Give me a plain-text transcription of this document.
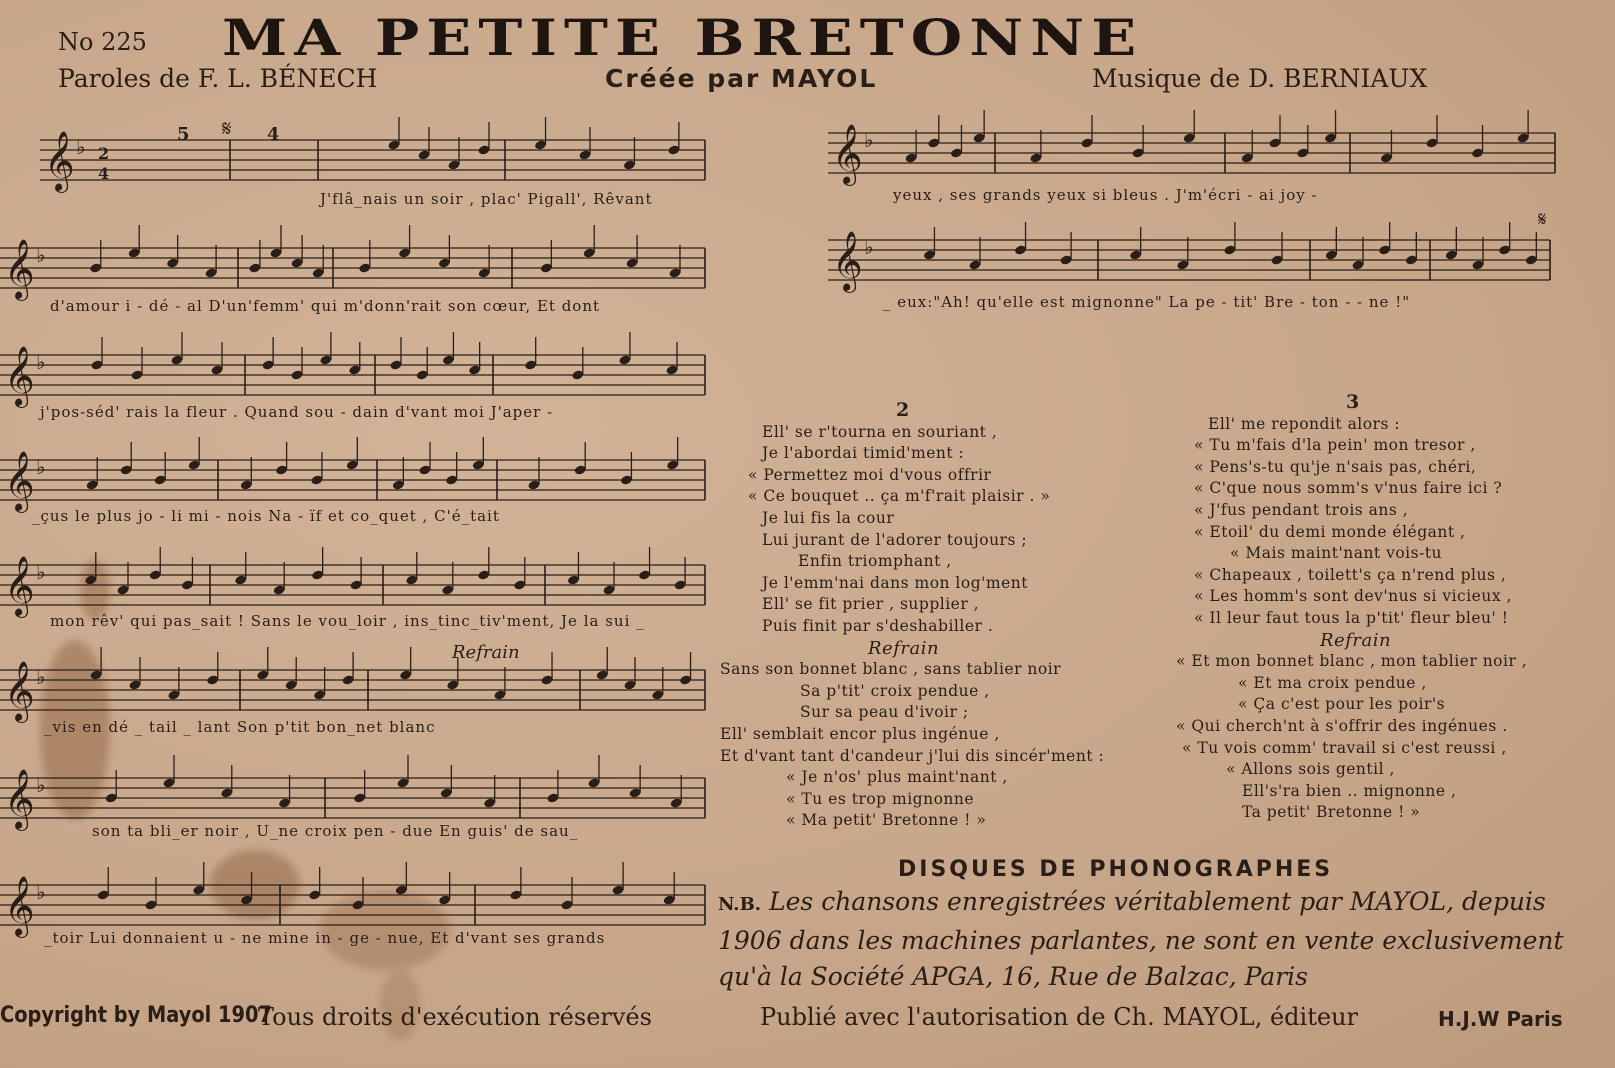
No 225 MA PETITE BRETONNE
Paroles de F. L. BÉNECH	Créée par MAYOL	Musique de D. BERNIAUX
𝄞 ♭
𝄞 ♭
𝄞 ♭
𝄞 ♭
𝄞 ♭
𝄞 ♭
𝄞 ♭
𝄞 ♭
𝄞 ♭
𝄞 ♭
𝄋
𝄋
2
4
5	4
J'flâ_nais un soir , plac' Pigall', Rêvant
d'amour i - dé - al D'un'femm' qui m'donn'rait son cœur, Et dont
j'pos-séd' rais la fleur . Quand sou - dain d'vant moi J'aper -
_çus le plus jo - li mi - nois Na - ïf et co_quet , C'é_tait
mon rêv' qui pas_sait ! Sans le vou_loir , ins_tinc_tiv'ment, Je la sui _
Refrain
_vis en dé _ tail _ lant Son p'tit bon_net blanc
son ta bli_er noir , U_ne croix pen - due En guis' de sau_
_toir Lui donnaient u - ne mine in - ge - nue, Et d'vant ses grands
yeux , ses grands yeux si bleus . J'm'écri - ai joy -
_ eux:"Ah! qu'elle est mignonne" La pe - tit' Bre - ton - - ne !"
2
Ell' se r'tourna en souriant ,
Je l'abordai timid'ment :
« Permettez moi d'vous offrir
« Ce bouquet .. ça m'f'rait plaisir . »
Je lui fis la cour
Lui jurant de l'adorer toujours ;
Enfin triomphant ,
Je l'emm'nai dans mon log'ment
Ell' se fit prier , supplier ,
Puis finit par s'deshabiller .
Refrain
Sans son bonnet blanc , sans tablier noir
Sa p'tit' croix pendue ,
Sur sa peau d'ivoir ;
Ell' semblait encor plus ingénue ,
Et d'vant tant d'candeur j'lui dis sincér'ment :
« Je n'os' plus maint'nant ,
« Tu es trop mignonne
« Ma petit' Bretonne ! »
3
Ell' me repondit alors :
« Tu m'fais d'la pein' mon tresor ,
« Pens's-tu qu'je n'sais pas, chéri,
« C'que nous somm's v'nus faire ici ?
« J'fus pendant trois ans ,
« Etoil' du demi monde élégant ,
« Mais maint'nant vois-tu
« Chapeaux , toilett's ça n'rend plus ,
« Les homm's sont dev'nus si vicieux ,
« Il leur faut tous la p'tit' fleur bleu' !
Refrain
« Et mon bonnet blanc , mon tablier noir ,
« Et ma croix pendue ,
« Ça c'est pour les poir's
« Qui cherch'nt à s'offrir des ingénues .
« Tu vois comm' travail si c'est reussi ,
« Allons sois gentil ,
Ell's'ra bien .. mignonne ,
Ta petit' Bretonne ! »
DISQUES DE PHONOGRAPHES
N.B. Les chansons enregistrées véritablement par MAYOL, depuis 1906 dans les machines parlantes, ne sont en vente exclusivement qu'à la Société APGA, 16, Rue de Balzac, Paris
Copyright by Mayol 1907
Tous droits d'exécution réservés	Publié avec l'autorisation de Ch. MAYOL, éditeur	H.J.W Paris
